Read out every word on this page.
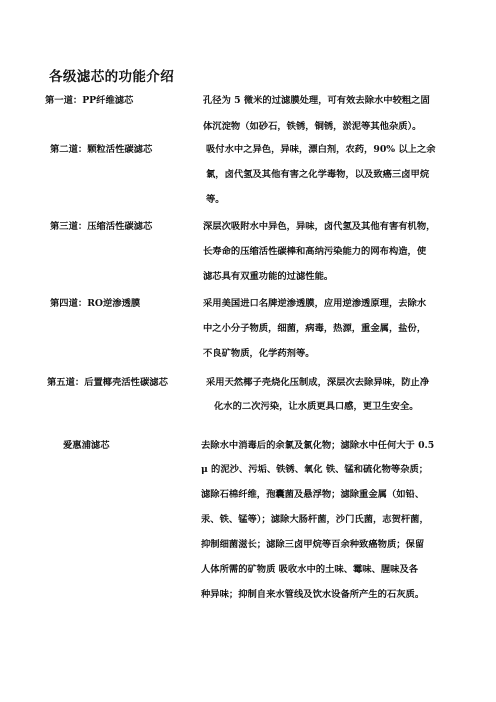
各级滤芯的功能介绍
第一道：PP纤维滤芯	孔径为 5 微米的过滤膜处理，可有效去除水中较粗之固
体沉淀物（如砂石，铁锈，铜锈，淤泥等其他杂质）。
第二道：颗粒活性碳滤芯	吸付水中之异色，异味，漂白剂，农药，90% 以上之余
氯，卤代氢及其他有害之化学毒物，以及致癌三卤甲烷
等。
第三道：压缩活性碳滤芯	深层次吸附水中异色，异味，卤代氢及其他有害有机物，
长寿命的压缩活性碳棒和高纳污染能力的网布构造，使
滤芯具有双重功能的过滤性能。
第四道：RO逆渗透膜	采用美国进口名牌逆渗透膜，应用逆渗透原理，去除水
中之小分子物质，细菌，病毒，热源，重金属，盐份，
不良矿物质，化学药剂等。
第五道：后置椰壳活性碳滤芯	采用天然椰子壳烧化压制成，深层次去除异味，防止净
化水的二次污染，让水质更具口感，更卫生安全。
爱惠浦滤芯	去除水中消毒后的余氯及氯化物；滤除水中任何大于 0.5
μ 的泥沙、污垢、铁锈、氧化 铁、锰和硫化物等杂质；
滤除石棉纤维，孢囊菌及悬浮物；滤除重金属（如铅、
汞、铁、锰等）；滤除大肠杆菌，沙门氏菌，志贺杆菌，
抑制细菌滋长；滤除三卤甲烷等百余种致癌物质；保留
人体所需的矿物质 吸收水中的土味、霉味、腥味及各
种异味；抑制自来水管线及饮水设备所产生的石灰质。
